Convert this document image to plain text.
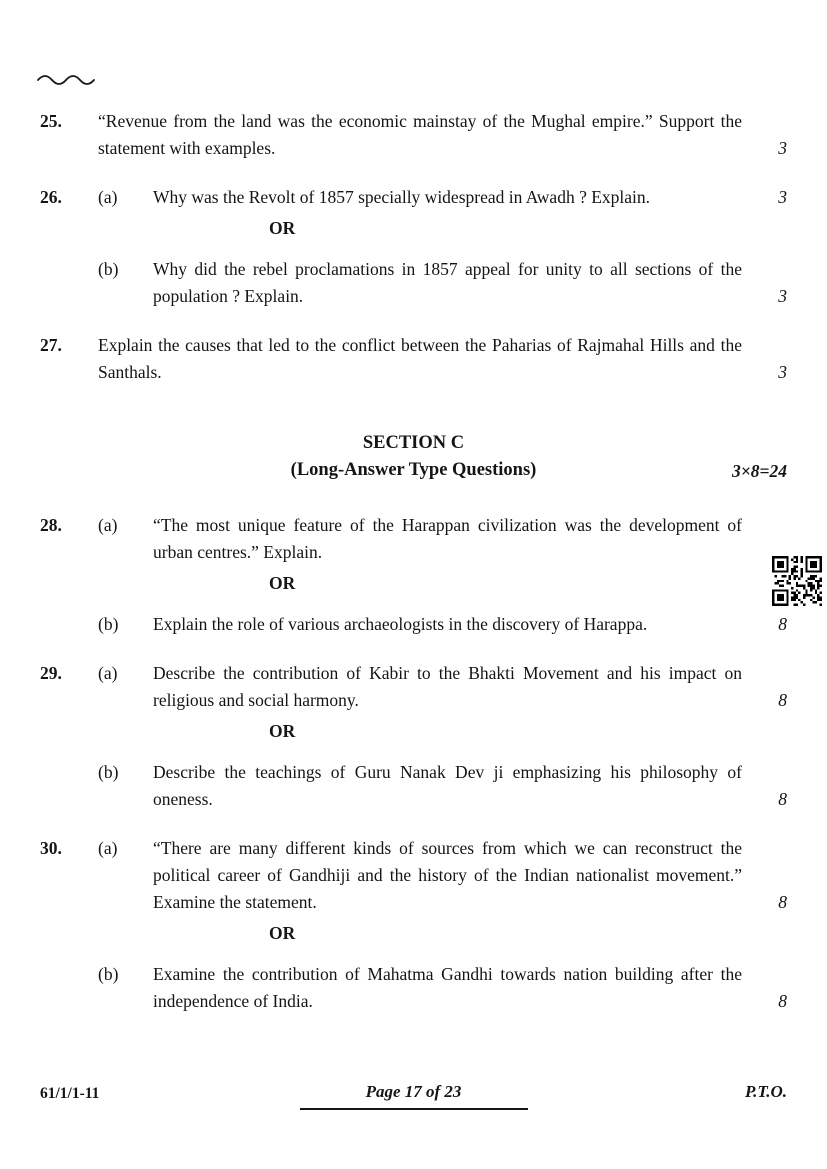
25.	“Revenue from the land was the economic mainstay of the Mughal empire.” Support the statement with examples.	3
26.	(a)	Why was the Revolt of 1857 specially widespread in Awadh ? Explain.	3
OR
(b)	Why did the rebel proclamations in 1857 appeal for unity to all sections of the population ? Explain.	3
27.	Explain the causes that led to the conflict between the Paharias of Rajmahal Hills and the Santhals.	3
SECTION C
(Long-Answer Type Questions)	3×8=24
28.	(a)	“The most unique feature of the Harappan civilization was the development of urban centres.” Explain.
OR
(b)	Explain the role of various archaeologists in the discovery of Harappa.	8
29.	(a)	Describe the contribution of Kabir to the Bhakti Movement and his impact on religious and social harmony.	8
OR
(b)	Describe the teachings of Guru Nanak Dev ji emphasizing his philosophy of oneness.	8
30.	(a)	“There are many different kinds of sources from which we can reconstruct the political career of Gandhiji and the history of the Indian nationalist movement.” Examine the statement.	8
OR
(b)	Examine the contribution of Mahatma Gandhi towards nation building after the independence of India.	8
61/1/1-11	Page 17 of 23	P.T.O.
